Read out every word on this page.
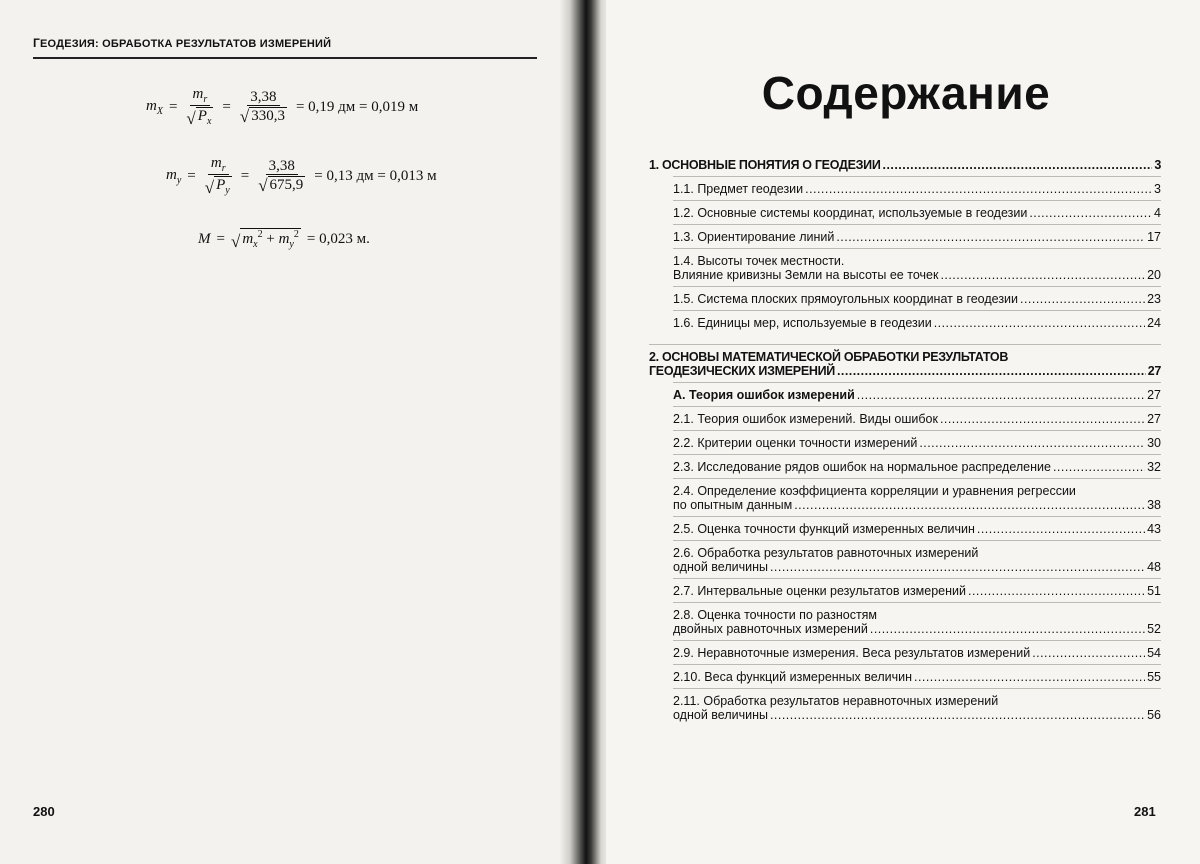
ГЕОДЕЗИЯ: ОБРАБОТКА РЕЗУЛЬТАТОВ ИЗМЕРЕНИЙ
$m_X = \frac{m_r}{√ P_x} = \frac{3,38}{√ 330,3} = 0,19$ дм = 0,019 м
$m_y = \frac{m_r}{√ P_y} = \frac{3,38}{√ 675,9} = 0,13$ дм = 0,013 м
M = √ $m_x^2 + m_y^2 = 0,023$ м.
280
Содержание
1. ОСНОВНЫЕ ПОНЯТИЯ О ГЕОДЕЗИИ . . .	3
1.1. Предмет геодезии . . .	3
1.2. Основные системы координат, используемые в геодезии . . .	4
1.3. Ориентирование линий . . .	17
1.4. Высоты точек местности.
Влияние кривизны Земли на высоты ее точек . . .	20
1.5. Система плоских прямоугольных координат в геодезии . . .	23
1.6. Единицы мер, используемые в геодезии . . .	24
2. ОСНОВЫ МАТЕМАТИЧЕСКОЙ ОБРАБОТКИ РЕЗУЛЬТАТОВ
ГЕОДЕЗИЧЕСКИХ ИЗМЕРЕНИЙ . . .	27
А. Теория ошибок измерений . . .	27
2.1. Теория ошибок измерений. Виды ошибок . . .	27
2.2. Критерии оценки точности измерений . . .	30
2.3. Исследование рядов ошибок на нормальное распределение . . .	32
2.4. Определение коэффициента корреляции и уравнения регрессии
по опытным данным . . .	38
2.5. Оценка точности функций измеренных величин . . .	43
2.6. Обработка результатов равноточных измерений
одной величины . . .	48
2.7. Интервальные оценки результатов измерений . . .	51
2.8. Оценка точности по разностям
двойных равноточных измерений . . .	52
2.9. Неравноточные измерения. Веса результатов измерений . . .	54
2.10. Веса функций измеренных величин . . .	55
2.11. Обработка результатов неравноточных измерений
одной величины . . .	56
281
